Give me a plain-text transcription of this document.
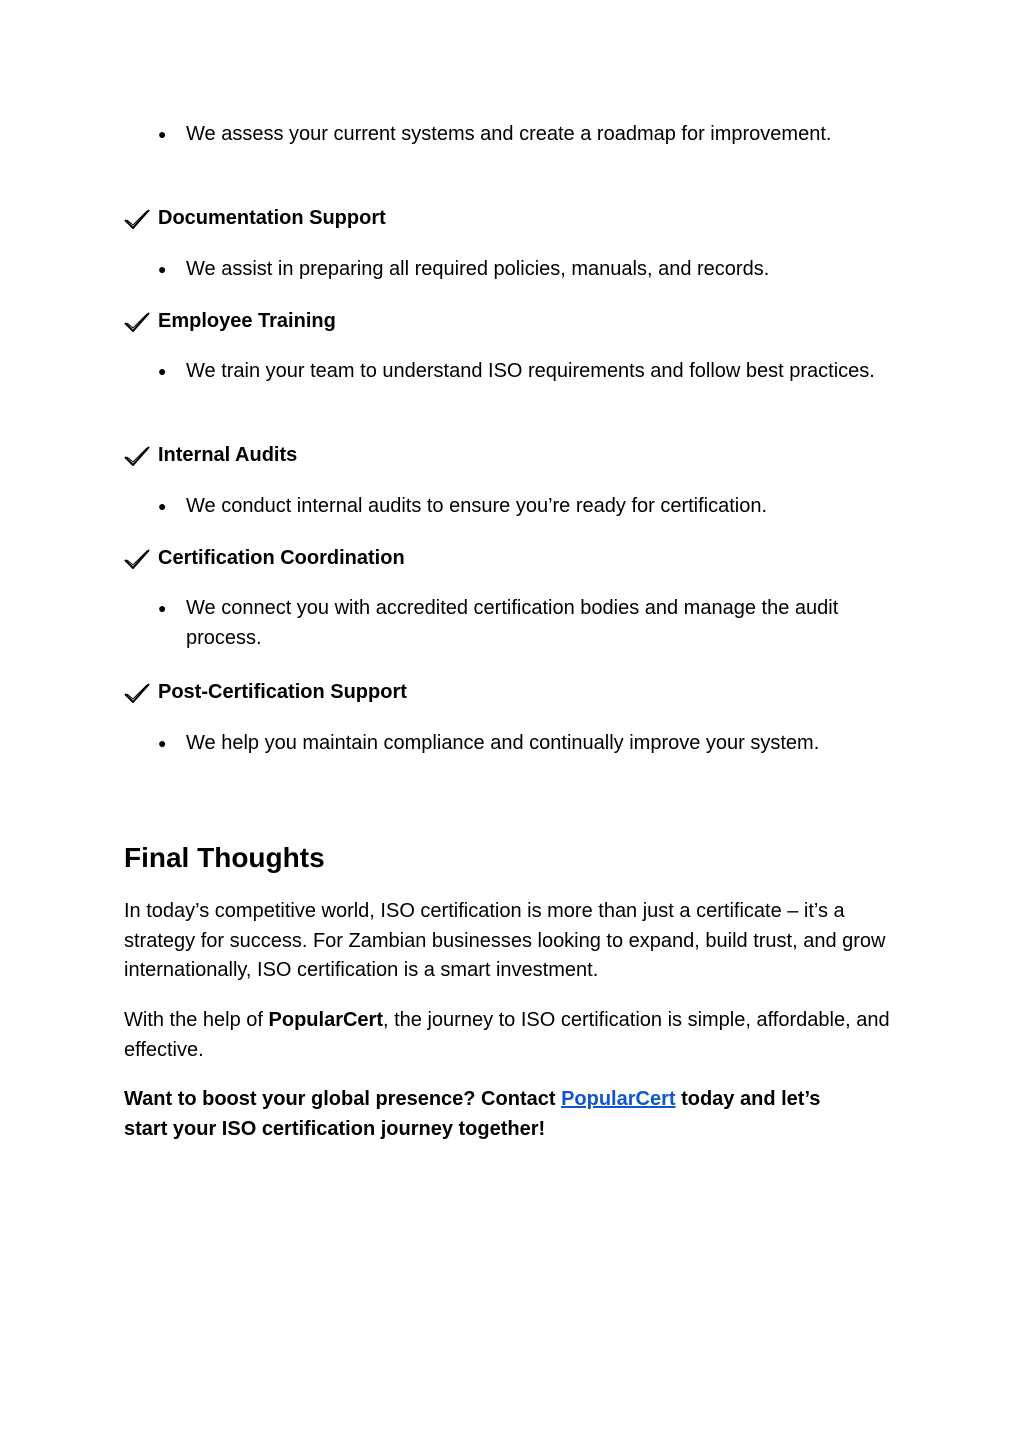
● We assess your current systems and create a roadmap for improvement.
Documentation Support
● We assist in preparing all required policies, manuals, and records.
Employee Training
● We train your team to understand ISO requirements and follow best practices.
Internal Audits
● We conduct internal audits to ensure you’re ready for certification.
Certification Coordination
● We connect you with accredited certification bodies and manage the audit process.
Post-Certification Support
● We help you maintain compliance and continually improve your system.
Final Thoughts

In today’s competitive world, ISO certification is more than just a certificate – it’s a strategy for success. For Zambian businesses looking to expand, build trust, and grow internationally, ISO certification is a smart investment.

With the help of PopularCert, the journey to ISO certification is simple, affordable, and effective.

Want to boost your global presence? Contact PopularCert today and let’s start your ISO certification journey together!
